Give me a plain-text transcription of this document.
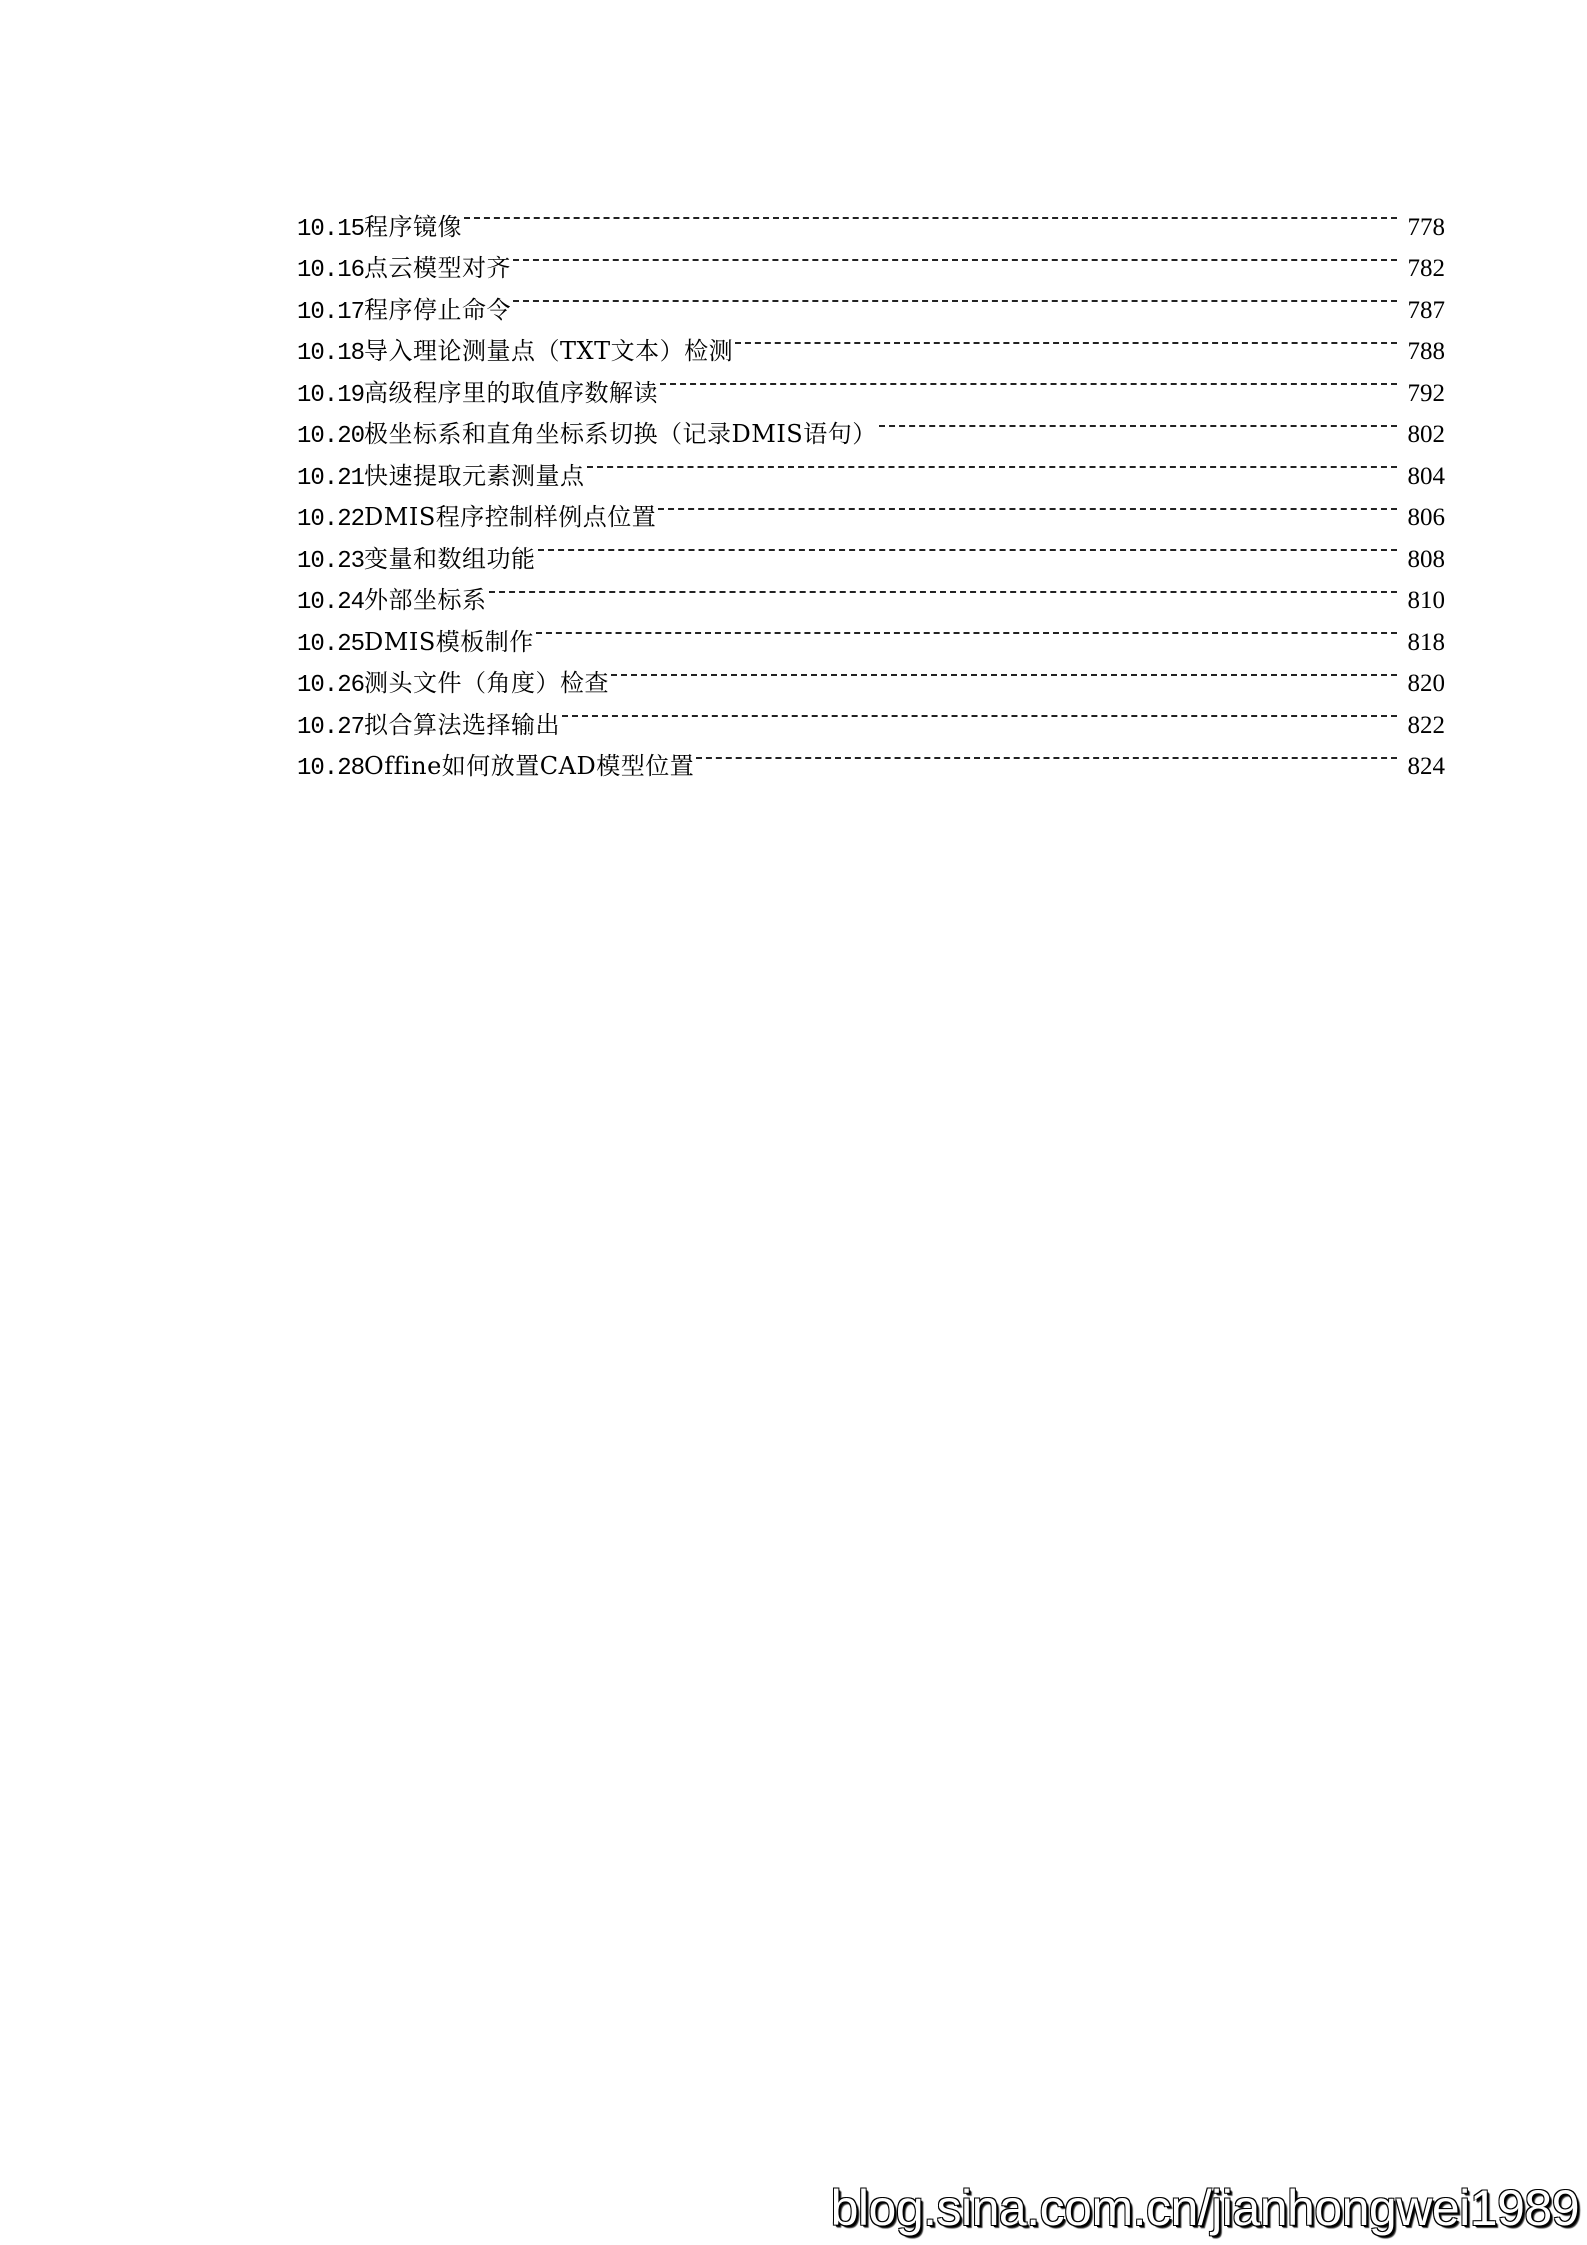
10.15 程序镜像	778
10.16 点云模型对齐	782
10.17 程序停止命令	787
10.18 导入理论测量点（TXT文本）检测	788
10.19 高级程序里的取值序数解读	792
10.20 极坐标系和直角坐标系切换（记录DMIS语句）	802
10.21 快速提取元素测量点	804
10.22 DMIS程序控制样例点位置	806
10.23 变量和数组功能	808
10.24 外部坐标系	810
10.25 DMIS模板制作	818
10.26 测头文件（角度）检查	820
10.27 拟合算法选择输出	822
10.28 Offine如何放置CAD模型位置	824
blog.sina.com.cn/jianhongwei1989
